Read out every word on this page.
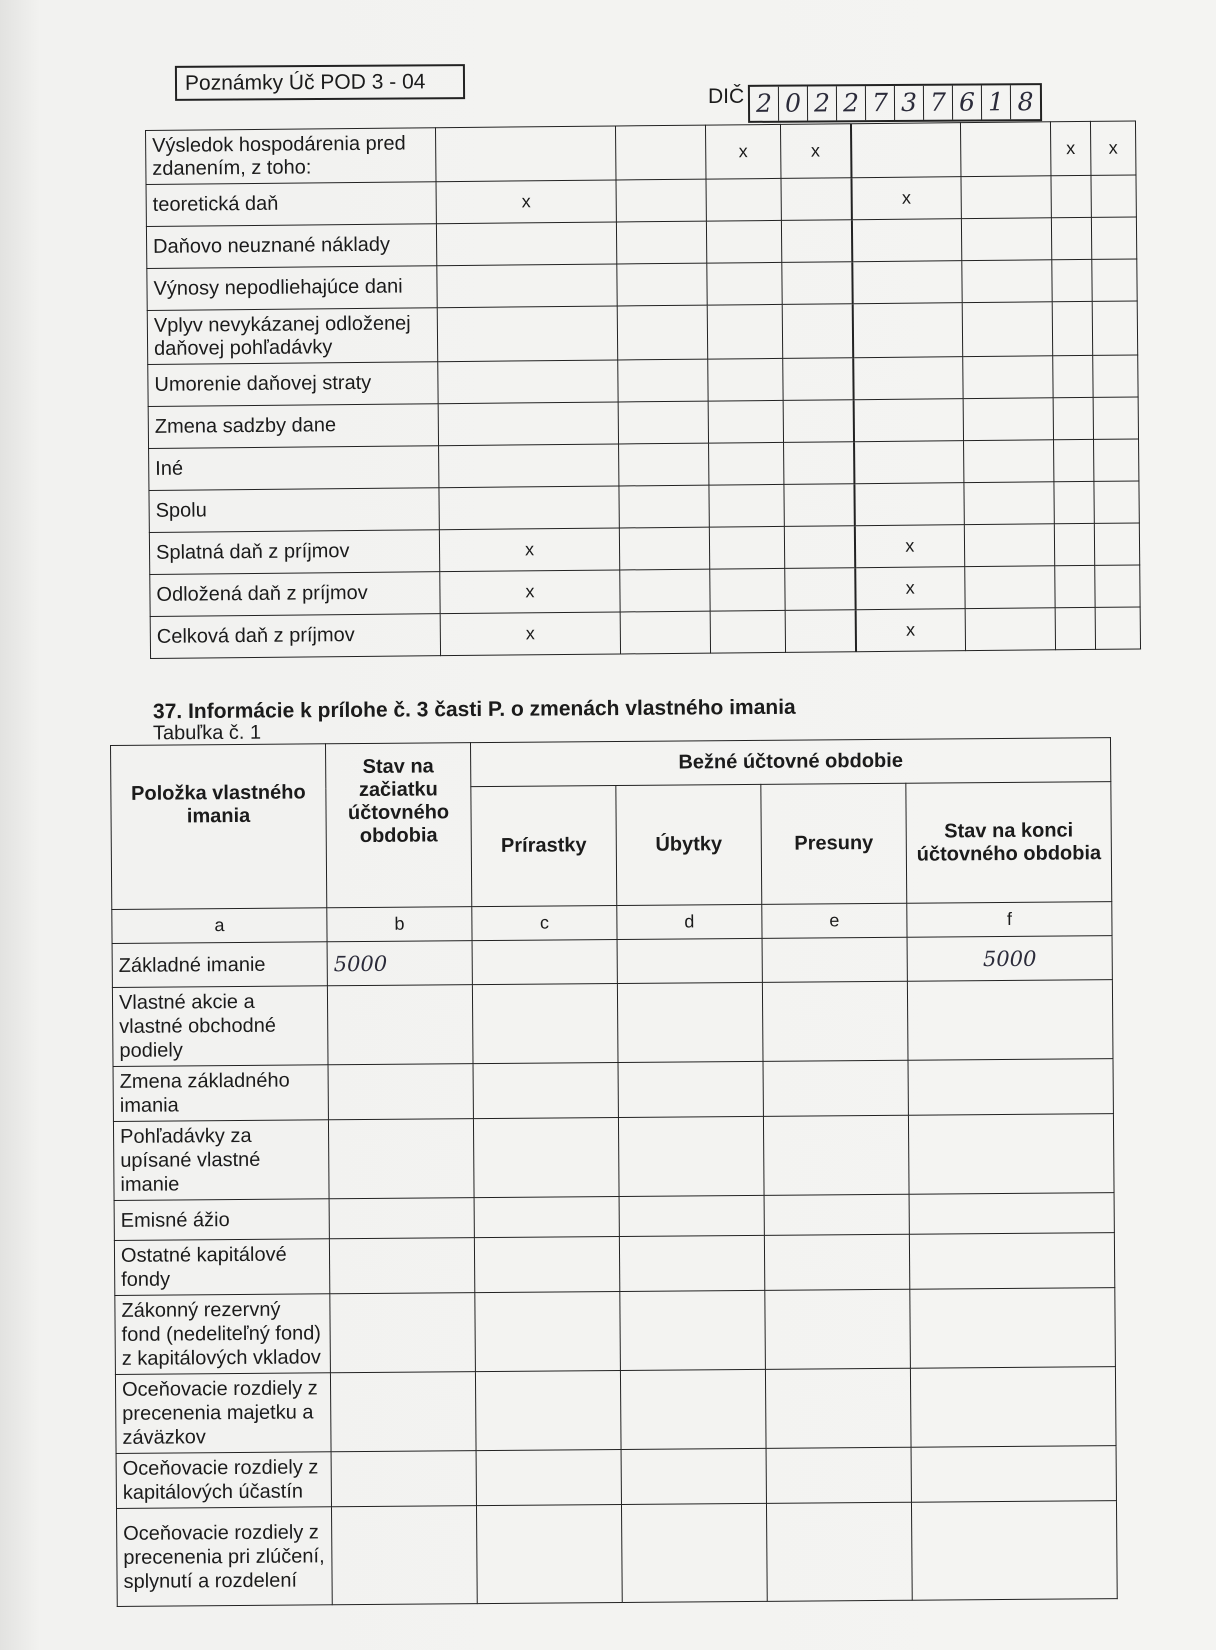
Poznámky Úč POD 3 - 04
DIČ 2 0 2 2 7 3 7 6 1 8
Výsledok hospodárenia pred zdanením, z toho:			x	x			x	x
teoretická daň	x				x			
Daňovo neuznané náklady								
Výnosy nepodliehajúce dani								
Vplyv nevykázanej odloženej daňovej pohľadávky								
Umorenie daňovej straty								
Zmena sadzby dane								
Iné								
Spolu								
Splatná daň z príjmov	x				x			
Odložená daň z príjmov	x				x			
Celková daň z príjmov	x				x			
37. Informácie k prílohe č. 3 časti P. o zmenách vlastného imania
Tabuľka č. 1
Položka vlastného imania	Stav na začiatku účtovného obdobia	Bežné účtovné obdobie			
		Prírastky	Úbytky	Presuny	Stav na konci účtovného obdobia
a	b	c	d	e	f
Základné imanie	5000				5000
Vlastné akcie a vlastné obchodné podiely					
Zmena základného imania					
Pohľadávky za upísané vlastné imanie					
Emisné ážio					
Ostatné kapitálové fondy					
Zákonný rezervný fond (nedeliteľný fond) z kapitálových vkladov					
Oceňovacie rozdiely z precenenia majetku a záväzkov					
Oceňovacie rozdiely z kapitálových účastín					
Oceňovacie rozdiely z precenenia pri zlúčení, splynutí a rozdelení					
